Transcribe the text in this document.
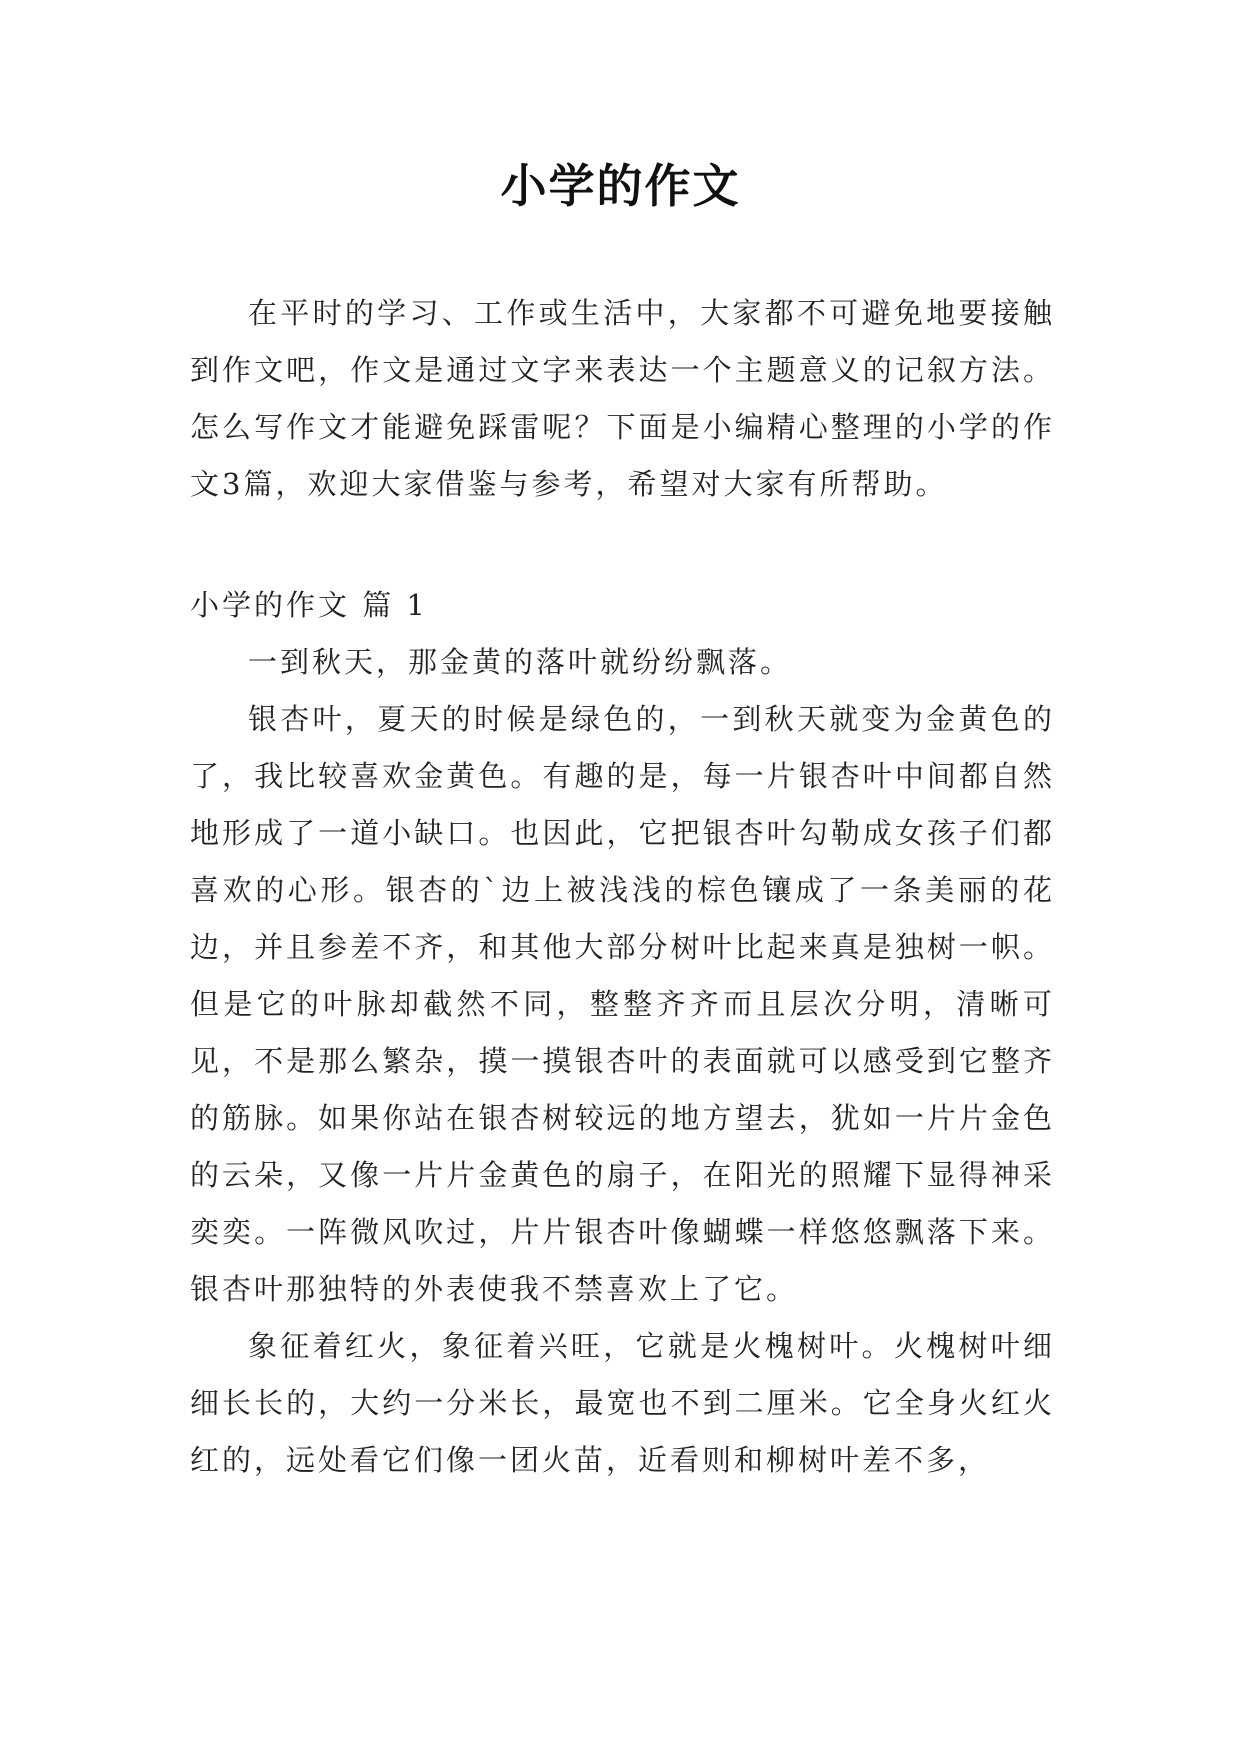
小学的作文

在平时的学习、工作或生活中，大家都不可避免地要接触到作文吧，作文是通过文字来表达一个主题意义的记叙方法。怎么写作文才能避免踩雷呢？下面是小编精心整理的小学的作文3篇，欢迎大家借鉴与参考，希望对大家有所帮助。

小学的作文 篇 1

一到秋天，那金黄的落叶就纷纷飘落。

银杏叶，夏天的时候是绿色的，一到秋天就变为金黄色的了，我比较喜欢金黄色。有趣的是，每一片银杏叶中间都自然地形成了一道小缺口。也因此，它把银杏叶勾勒成女孩子们都喜欢的心形。银杏的`边上被浅浅的棕色镶成了一条美丽的花边，并且参差不齐，和其他大部分树叶比起来真是独树一帜。但是它的叶脉却截然不同，整整齐齐而且层次分明，清晰可见，不是那么繁杂，摸一摸银杏叶的表面就可以感受到它整齐的筋脉。如果你站在银杏树较远的地方望去，犹如一片片金色的云朵，又像一片片金黄色的扇子，在阳光的照耀下显得神采奕奕。一阵微风吹过，片片银杏叶像蝴蝶一样悠悠飘落下来。银杏叶那独特的外表使我不禁喜欢上了它。

象征着红火，象征着兴旺，它就是火槐树叶。火槐树叶细细长长的，大约一分米长，最宽也不到二厘米。它全身火红火红的，远处看它们像一团火苗，近看则和柳树叶差不多，
